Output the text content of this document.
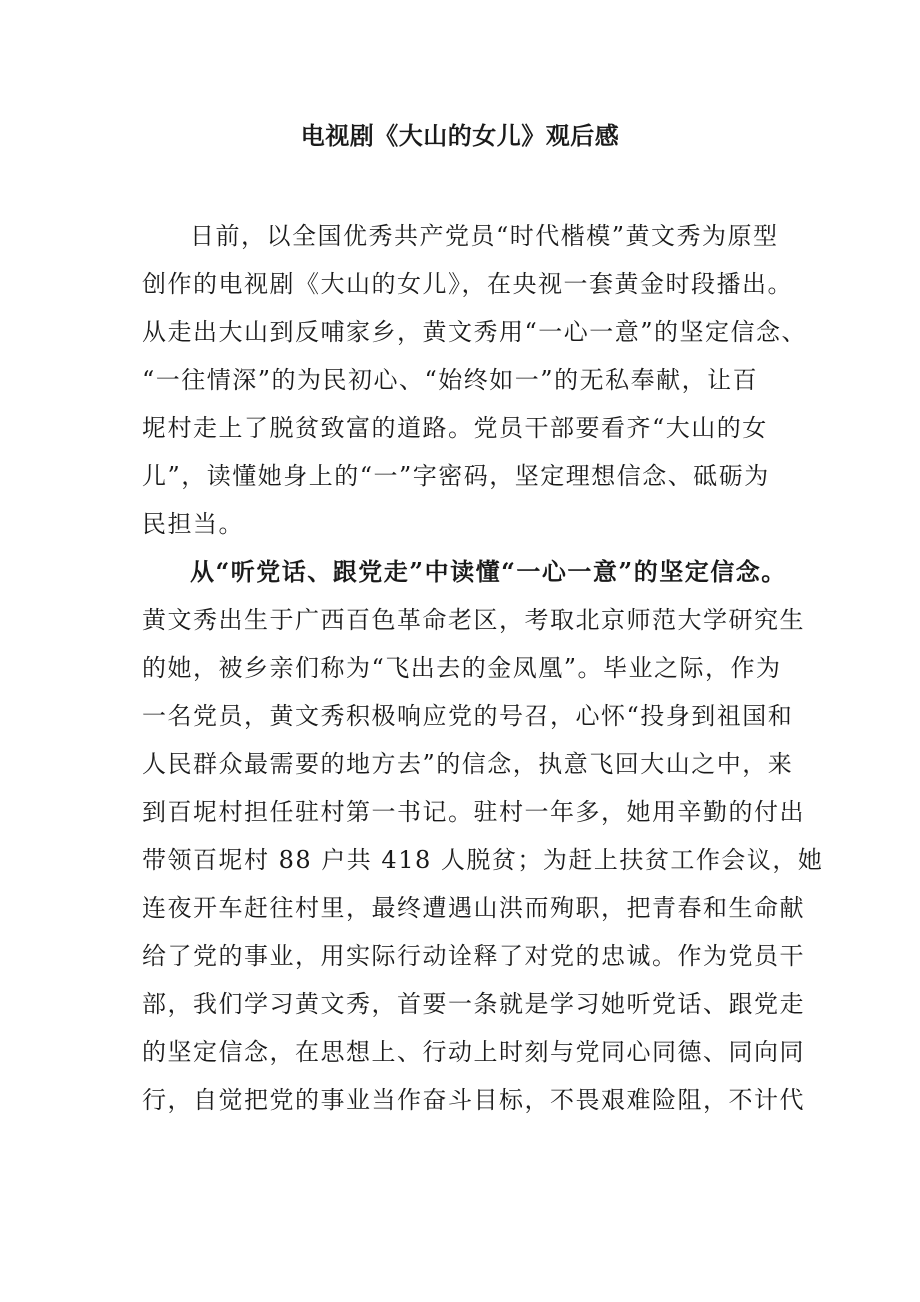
电视剧《大山的女儿》观后感
日前，以全国优秀共产党员“时代楷模”黄文秀为原型
创作的电视剧《大山的女儿》，在央视一套黄金时段播出。
从走出大山到反哺家乡，黄文秀用“一心一意”的坚定信念、
“一往情深”的为民初心、“始终如一”的无私奉献，让百
坭村走上了脱贫致富的道路。党员干部要看齐“大山的女
儿”，读懂她身上的“一”字密码，坚定理想信念、砥砺为
民担当。
从“听党话、跟党走”中读懂“一心一意”的坚定信念。
黄文秀出生于广西百色革命老区，考取北京师范大学研究生
的她，被乡亲们称为“飞出去的金凤凰”。毕业之际，作为
一名党员，黄文秀积极响应党的号召，心怀“投身到祖国和
人民群众最需要的地方去”的信念，执意飞回大山之中，来
到百坭村担任驻村第一书记。驻村一年多，她用辛勤的付出
带领百坭村 88 户共 418 人脱贫；为赶上扶贫工作会议，她
连夜开车赶往村里，最终遭遇山洪而殉职，把青春和生命献
给了党的事业，用实际行动诠释了对党的忠诚。作为党员干
部，我们学习黄文秀，首要一条就是学习她听党话、跟党走
的坚定信念，在思想上、行动上时刻与党同心同德、同向同
行，自觉把党的事业当作奋斗目标，不畏艰难险阻，不计代
